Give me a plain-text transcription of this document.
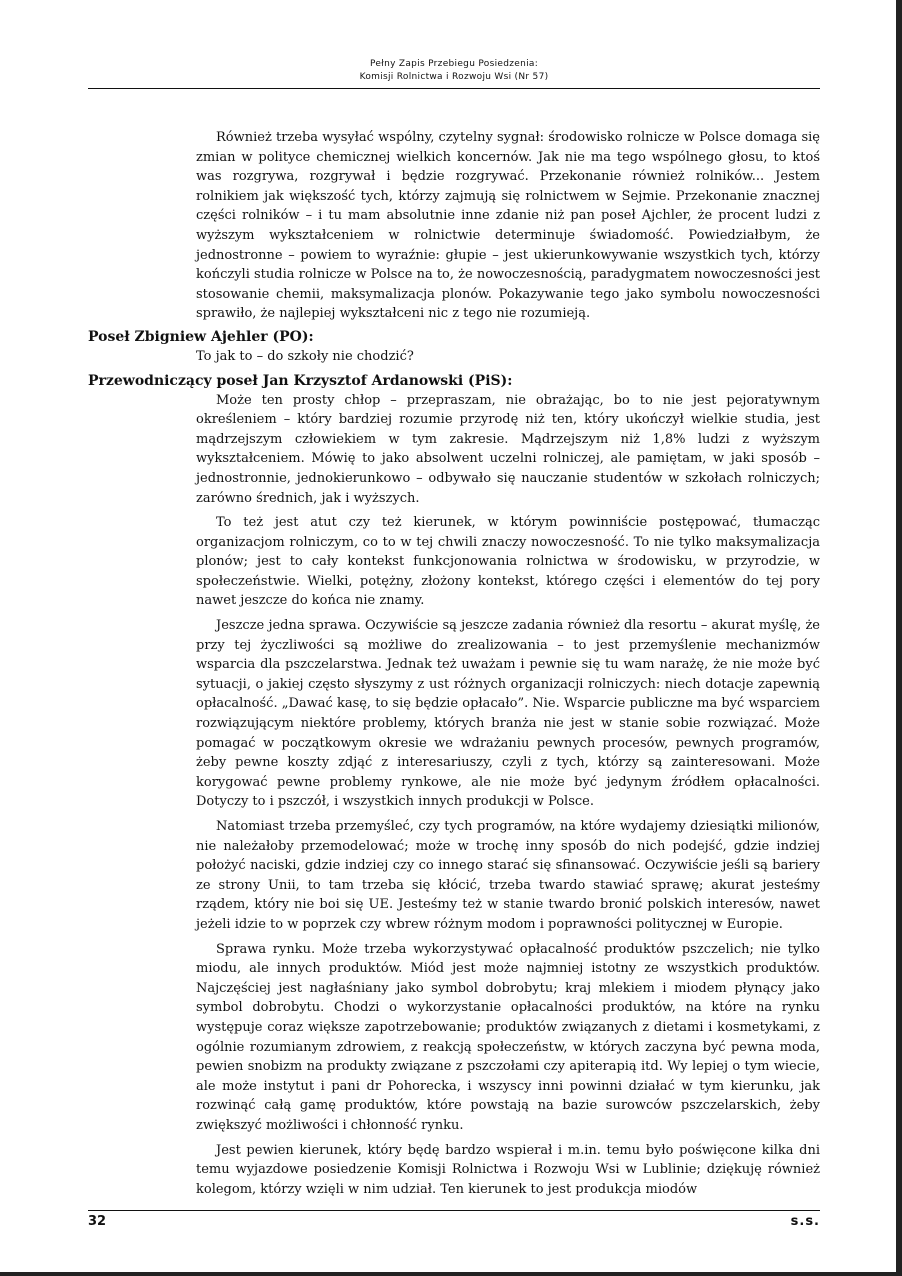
Pełny Zapis Przebiegu Posiedzenia:
Komisji Rolnictwa i Rozwoju Wsi (Nr 57)

Również trzeba wysyłać wspólny, czytelny sygnał: środowisko rolnicze w Polsce domaga się zmian w polityce chemicznej wielkich koncernów. Jak nie ma tego wspólnego głosu, to ktoś was rozgrywa, rozgrywał i będzie rozgrywać. Przekonanie również rolników... Jestem rolnikiem jak większość tych, którzy zajmują się rolnictwem w Sejmie. Przekonanie znacznej części rolników – i tu mam absolutnie inne zdanie niż pan poseł Ajchler, że procent ludzi z wyższym wykształceniem w rolnictwie determinuje świadomość. Powiedziałbym, że jednostronne – powiem to wyraźnie: głupie – jest ukierunkowywanie wszystkich tych, którzy kończyli studia rolnicze w Polsce na to, że nowoczesnością, paradygmatem nowoczesności jest stosowanie chemii, maksymalizacja plonów. Pokazywanie tego jako symbolu nowoczesności sprawiło, że najlepiej wykształceni nic z tego nie rozumieją.

Poseł Zbigniew Ajehler (PO):

To jak to – do szkoły nie chodzić?

Przewodniczący poseł Jan Krzysztof Ardanowski (PiS):

Może ten prosty chłop – przepraszam, nie obrażając, bo to nie jest pejoratywnym określeniem – który bardziej rozumie przyrodę niż ten, który ukończył wielkie studia, jest mądrzejszym człowiekiem w tym zakresie. Mądrzejszym niż 1,8% ludzi z wyższym wykształceniem. Mówię to jako absolwent uczelni rolniczej, ale pamiętam, w jaki sposób – jednostronnie, jednokierunkowo – odbywało się nauczanie studentów w szkołach rolniczych; zarówno średnich, jak i wyższych.

To też jest atut czy też kierunek, w którym powinniście postępować, tłumacząc organizacjom rolniczym, co to w tej chwili znaczy nowoczesność. To nie tylko maksymalizacja plonów; jest to cały kontekst funkcjonowania rolnictwa w środowisku, w przyrodzie, w społeczeństwie. Wielki, potężny, złożony kontekst, którego części i elementów do tej pory nawet jeszcze do końca nie znamy.

Jeszcze jedna sprawa. Oczywiście są jeszcze zadania również dla resortu – akurat myślę, że przy tej życzliwości są możliwe do zrealizowania – to jest przemyślenie mechanizmów wsparcia dla pszczelarstwa. Jednak też uważam i pewnie się tu wam narażę, że nie może być sytuacji, o jakiej często słyszymy z ust różnych organizacji rolniczych: niech dotacje zapewnią opłacalność. „Dawać kasę, to się będzie opłacało”. Nie. Wsparcie publiczne ma być wsparciem rozwiązującym niektóre problemy, których branża nie jest w stanie sobie rozwiązać. Może pomagać w początkowym okresie we wdrażaniu pewnych procesów, pewnych programów, żeby pewne koszty zdjąć z interesariuszy, czyli z tych, którzy są zainteresowani. Może korygować pewne problemy rynkowe, ale nie może być jedynym źródłem opłacalności. Dotyczy to i pszczół, i wszystkich innych produkcji w Polsce.

Natomiast trzeba przemyśleć, czy tych programów, na które wydajemy dziesiątki milionów, nie należałoby przemodelować; może w trochę inny sposób do nich podejść, gdzie indziej położyć naciski, gdzie indziej czy co innego starać się sfinansować. Oczywiście jeśli są bariery ze strony Unii, to tam trzeba się kłócić, trzeba twardo stawiać sprawę; akurat jesteśmy rządem, który nie boi się UE. Jesteśmy też w stanie twardo bronić polskich interesów, nawet jeżeli idzie to w poprzek czy wbrew różnym modom i poprawności politycznej w Europie.

Sprawa rynku. Może trzeba wykorzystywać opłacalność produktów pszczelich; nie tylko miodu, ale innych produktów. Miód jest może najmniej istotny ze wszystkich produktów. Najczęściej jest nagłaśniany jako symbol dobrobytu; kraj mlekiem i miodem płynący jako symbol dobrobytu. Chodzi o wykorzystanie opłacalności produktów, na które na rynku występuje coraz większe zapotrzebowanie; produktów związanych z dietami i kosmetykami, z ogólnie rozumianym zdrowiem, z reakcją społeczeństw, w których zaczyna być pewna moda, pewien snobizm na produkty związane z pszczołami czy apiterapią itd. Wy lepiej o tym wiecie, ale może instytut i pani dr Pohorecka, i wszyscy inni powinni działać w tym kierunku, jak rozwinąć całą gamę produktów, które powstają na bazie surowców pszczelarskich, żeby zwiększyć możliwości i chłonność rynku.

Jest pewien kierunek, który będę bardzo wspierał i m.in. temu było poświęcone kilka dni temu wyjazdowe posiedzenie Komisji Rolnictwa i Rozwoju Wsi w Lublinie; dziękuję również kolegom, którzy wzięli w nim udział. Ten kierunek to jest produkcja miodów

32	s.s.
